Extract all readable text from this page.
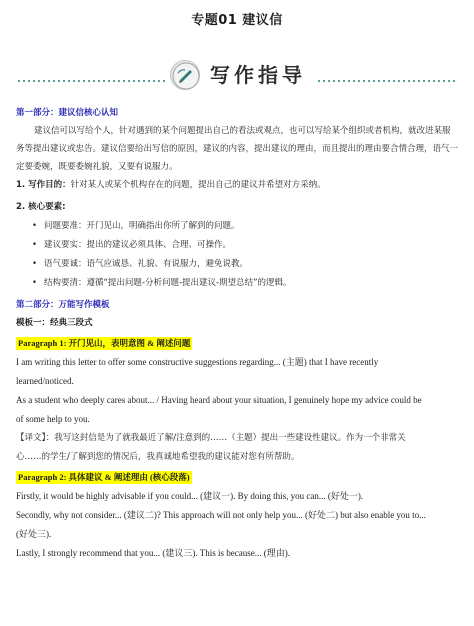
专题01 建议信
写作指导
第一部分：建议信核心认知

建议信可以写给个人，针对遇到的某个问题提出自己的看法或观点，也可以写给某个组织或者机构，就改进某服务等提出建议或忠告。建议信要给出写信的原因，建议的内容，提出建议的理由，而且提出的理由要合情合理，语气一定要委婉，既要委婉礼貌，又要有说服力。

1. 写作目的：针对某人或某个机构存在的问题，提出自己的建议并希望对方采纳。
2. 核心要素:
• 问题要准：开门见山，明确指出你所了解到的问题。
• 建议要实：提出的建议必须具体、合理、可操作。
• 语气要诚：语气应诚恳、礼貌、有说服力，避免说教。
• 结构要清：遵循“提出问题-分析问题-提出建议-期望总结”的逻辑。
第二部分：万能写作模板
模板一：经典三段式
Paragraph 1: 开门见山，表明意图 & 阐述问题
I am writing this letter to offer some constructive suggestions regarding... (主题) that I have recently
learned/noticed.
As a student who deeply cares about... / Having heard about your situation, I genuinely hope my advice could be
of some help to you.
【译文】：我写这封信是为了就我最近了解/注意到的……（主题）提出一些建设性建议。作为一个非常关
心……的学生/了解到您的情况后，我真诚地希望我的建议能对您有所帮助。
Paragraph 2: 具体建议 & 阐述理由 (核心段落)
Firstly, it would be highly advisable if you could... (建议一). By doing this, you can... (好处一).
Secondly, why not consider... (建议二)? This approach will not only help you... (好处二) but also enable you to...
(好处三).
Lastly, I strongly recommend that you... (建议三). This is because... (理由).
